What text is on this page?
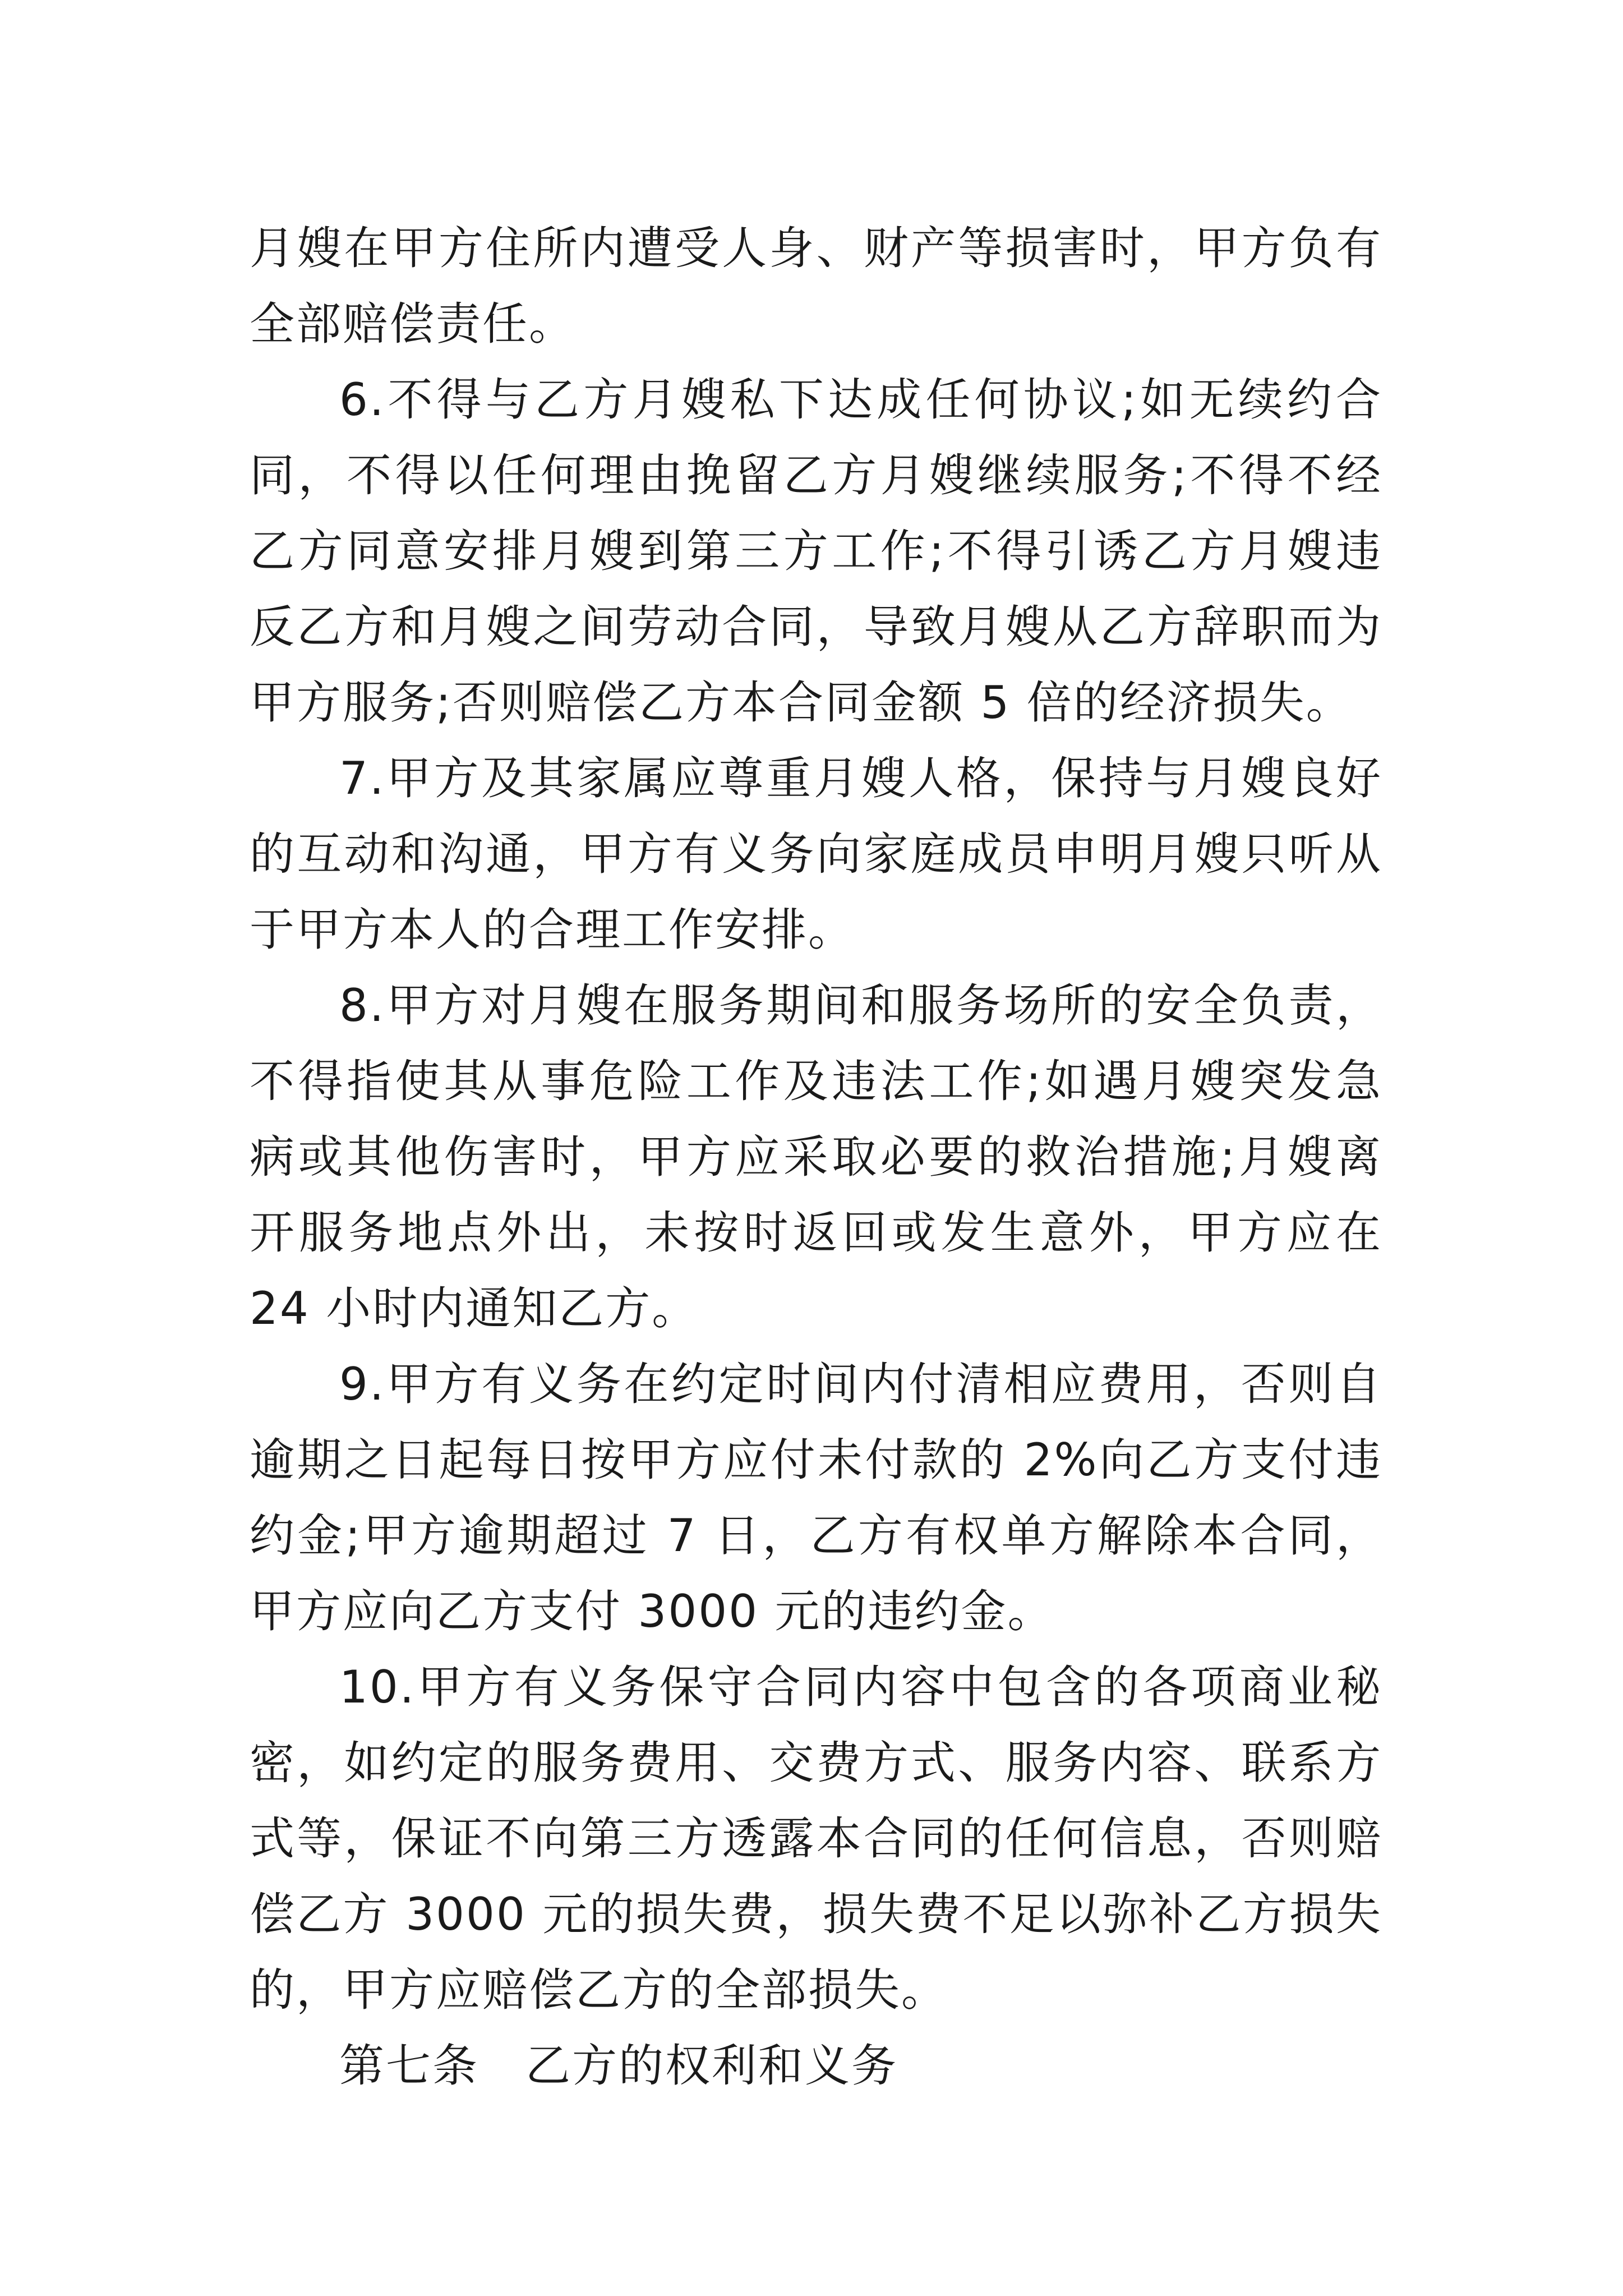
月嫂在甲方住所内遭受人身、财产等损害时，甲方负有全部赔偿责任。

6.不得与乙方月嫂私下达成任何协议;如无续约合同，不得以任何理由挽留乙方月嫂继续服务;不得不经乙方同意安排月嫂到第三方工作;不得引诱乙方月嫂违反乙方和月嫂之间劳动合同，导致月嫂从乙方辞职而为甲方服务;否则赔偿乙方本合同金额 5 倍的经济损失。

7.甲方及其家属应尊重月嫂人格，保持与月嫂良好的互动和沟通，甲方有义务向家庭成员申明月嫂只听从于甲方本人的合理工作安排。

8.甲方对月嫂在服务期间和服务场所的安全负责，不得指使其从事危险工作及违法工作;如遇月嫂突发急病或其他伤害时，甲方应采取必要的救治措施;月嫂离开服务地点外出，未按时返回或发生意外，甲方应在 24 小时内通知乙方。

9.甲方有义务在约定时间内付清相应费用，否则自逾期之日起每日按甲方应付未付款的 2%向乙方支付违约金;甲方逾期超过 7 日，乙方有权单方解除本合同，甲方应向乙方支付 3000 元的违约金。

10.甲方有义务保守合同内容中包含的各项商业秘密，如约定的服务费用、交费方式、服务内容、联系方式等，保证不向第三方透露本合同的任何信息，否则赔偿乙方 3000 元的损失费，损失费不足以弥补乙方损失的，甲方应赔偿乙方的全部损失。

第七条　乙方的权利和义务
